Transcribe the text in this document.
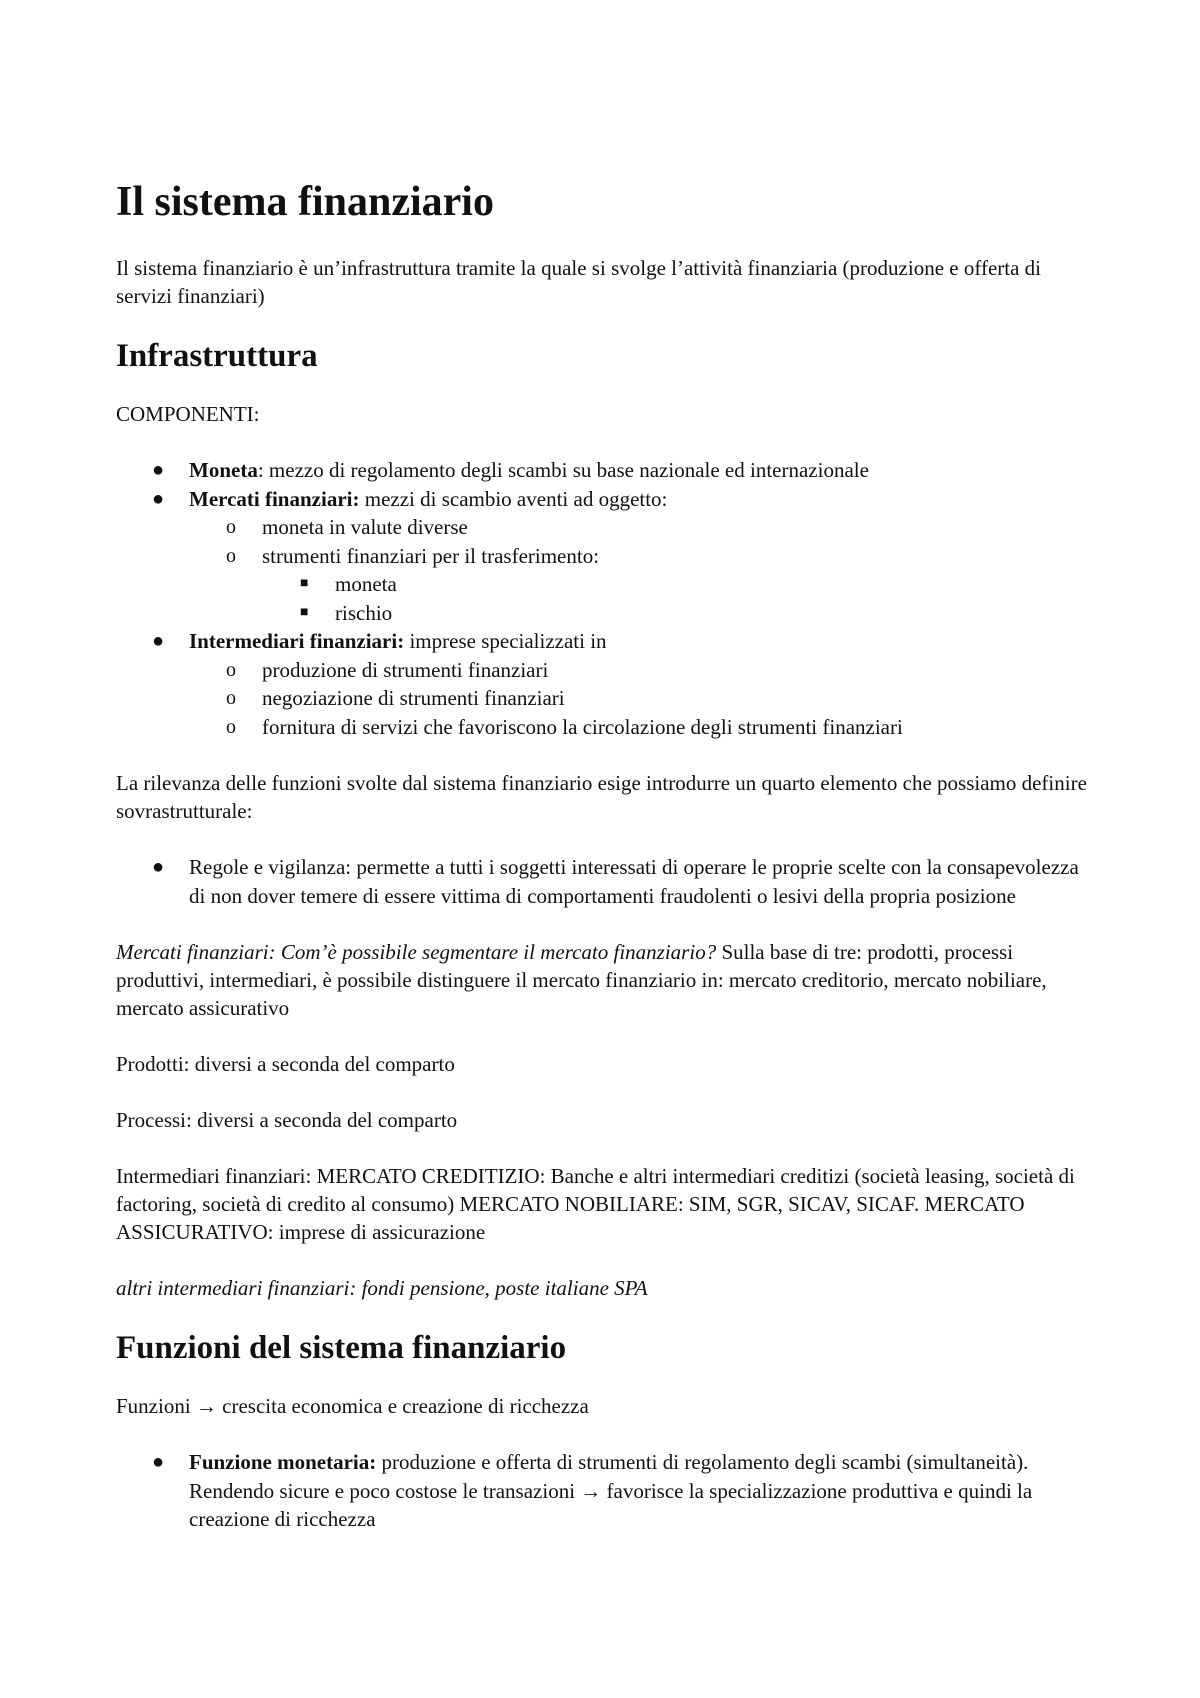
Il sistema finanziario

Il sistema finanziario è un’infrastruttura tramite la quale si svolge l’attività finanziaria (produzione e offerta di servizi finanziari)

Infrastruttura

COMPONENTI:

● Moneta: mezzo di regolamento degli scambi su base nazionale ed internazionale
● Mercati finanziari: mezzi di scambio aventi ad oggetto:
o moneta in valute diverse
o strumenti finanziari per il trasferimento:
■ moneta
■ rischio
● Intermediari finanziari: imprese specializzati in
o produzione di strumenti finanziari
o negoziazione di strumenti finanziari
o fornitura di servizi che favoriscono la circolazione degli strumenti finanziari

La rilevanza delle funzioni svolte dal sistema finanziario esige introdurre un quarto elemento che possiamo definire sovrastrutturale:

● Regole e vigilanza: permette a tutti i soggetti interessati di operare le proprie scelte con la consapevolezza di non dover temere di essere vittima di comportamenti fraudolenti o lesivi della propria posizione

Mercati finanziari: Com’è possibile segmentare il mercato finanziario? Sulla base di tre: prodotti, processi produttivi, intermediari, è possibile distinguere il mercato finanziario in: mercato creditorio, mercato nobiliare, mercato assicurativo

Prodotti: diversi a seconda del comparto

Processi: diversi a seconda del comparto

Intermediari finanziari: MERCATO CREDITIZIO: Banche e altri intermediari creditizi (società leasing, società di factoring, società di credito al consumo) MERCATO NOBILIARE: SIM, SGR, SICAV, SICAF. MERCATO ASSICURATIVO: imprese di assicurazione

altri intermediari finanziari: fondi pensione, poste italiane SPA

Funzioni del sistema finanziario

Funzioni → crescita economica e creazione di ricchezza

● Funzione monetaria: produzione e offerta di strumenti di regolamento degli scambi (simultaneità). Rendendo sicure e poco costose le transazioni → favorisce la specializzazione produttiva e quindi la creazione di ricchezza
